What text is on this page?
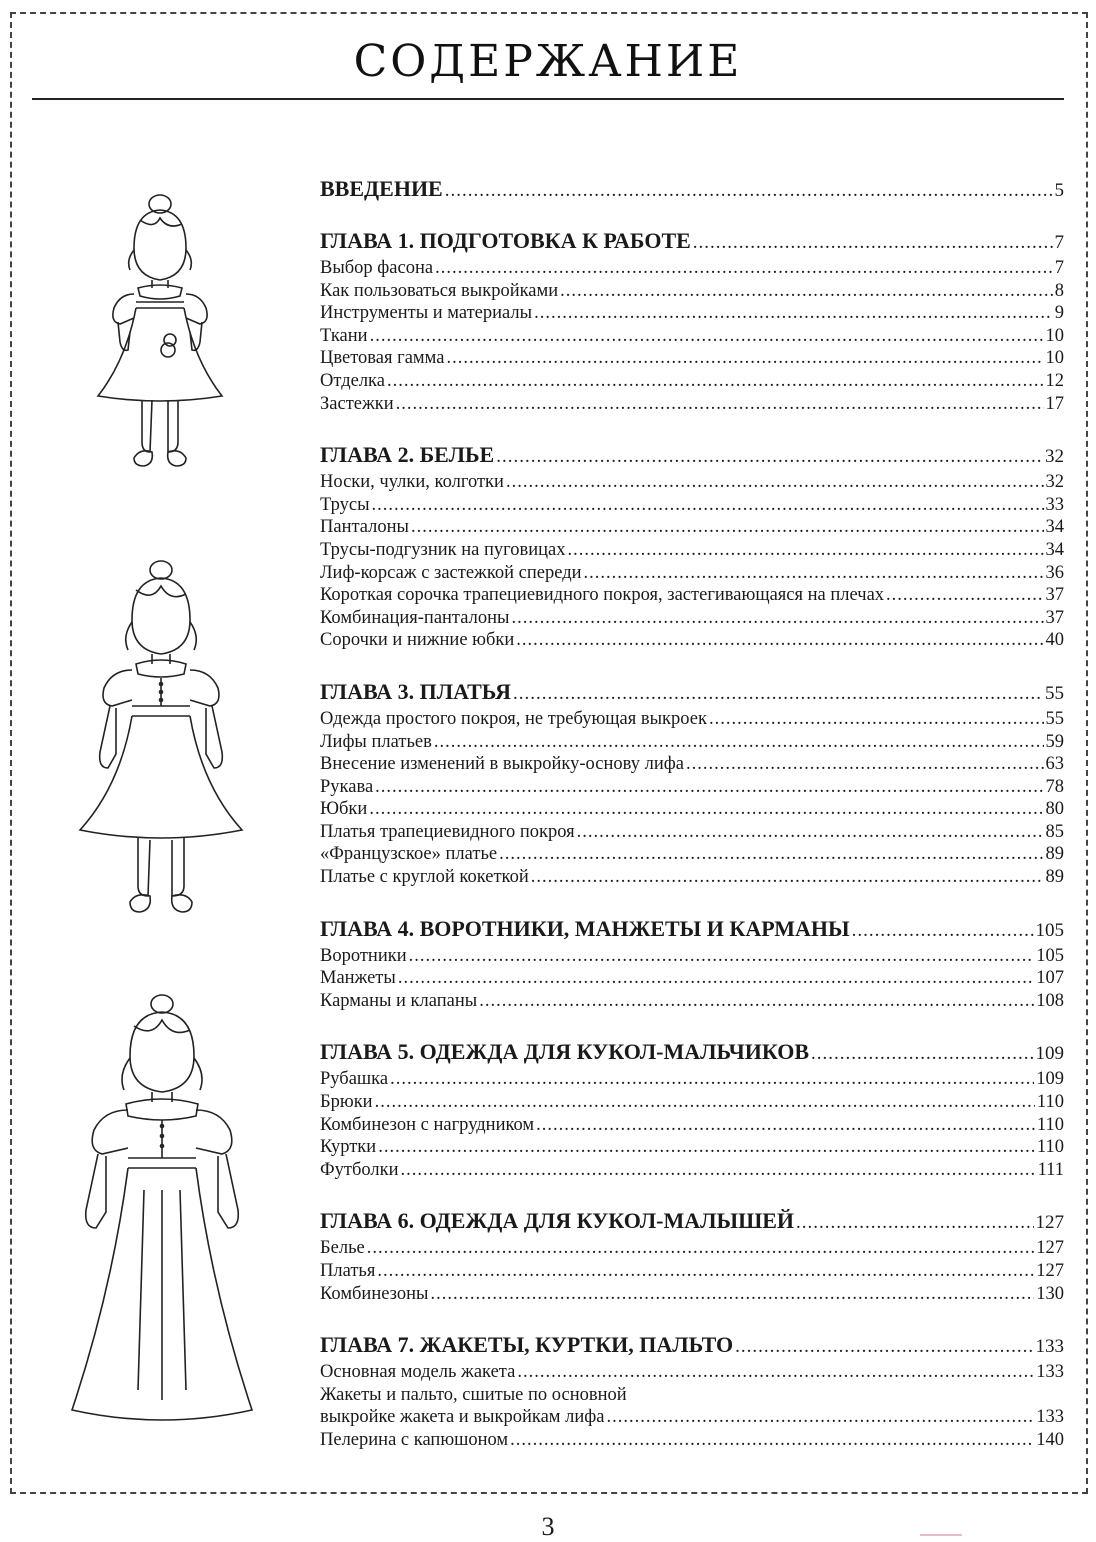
СОДЕРЖАНИЕ
ВВЕДЕНИЕ .....	5
ГЛАВА 1. ПОДГОТОВКА К РАБОТЕ .....	7
Выбор фасона .....	7
Как пользоваться выкройками .....	8
Инструменты и материалы .....	9
Ткани .....	10
Цветовая гамма .....	10
Отделка .....	12
Застежки .....	17
ГЛАВА 2. БЕЛЬЕ .....	32
Носки, чулки, колготки .....	32
Трусы .....	33
Панталоны .....	34
Трусы-подгузник на пуговицах .....	34
Лиф-корсаж с застежкой спереди .....	36
Короткая сорочка трапециевидного покроя, застегивающаяся на плечах .....	37
Комбинация-панталоны .....	37
Сорочки и нижние юбки .....	40
ГЛАВА 3. ПЛАТЬЯ .....	55
Одежда простого покроя, не требующая выкроек .....	55
Лифы платьев .....	59
Внесение изменений в выкройку-основу лифа .....	63
Рукава .....	78
Юбки .....	80
Платья трапециевидного покроя .....	85
«Французское» платье .....	89
Платье с круглой кокеткой .....	89
ГЛАВА 4. ВОРОТНИКИ, МАНЖЕТЫ И КАРМАНЫ .....	105
Воротники .....	105
Манжеты .....	107
Карманы и клапаны .....	108
ГЛАВА 5. ОДЕЖДА ДЛЯ КУКОЛ-МАЛЬЧИКОВ .....	109
Рубашка .....	109
Брюки .....	110
Комбинезон с нагрудником .....	110
Куртки .....	110
Футболки .....	111
ГЛАВА 6. ОДЕЖДА ДЛЯ КУКОЛ-МАЛЫШЕЙ .....	127
Белье .....	127
Платья .....	127
Комбинезоны .....	130
ГЛАВА 7. ЖАКЕТЫ, КУРТКИ, ПАЛЬТО .....	133
Основная модель жакета .....	133
Жакеты и пальто, сшитые по основной
выкройке жакета и выкройкам лифа .....	133
Пелерина с капюшоном .....	140
3
